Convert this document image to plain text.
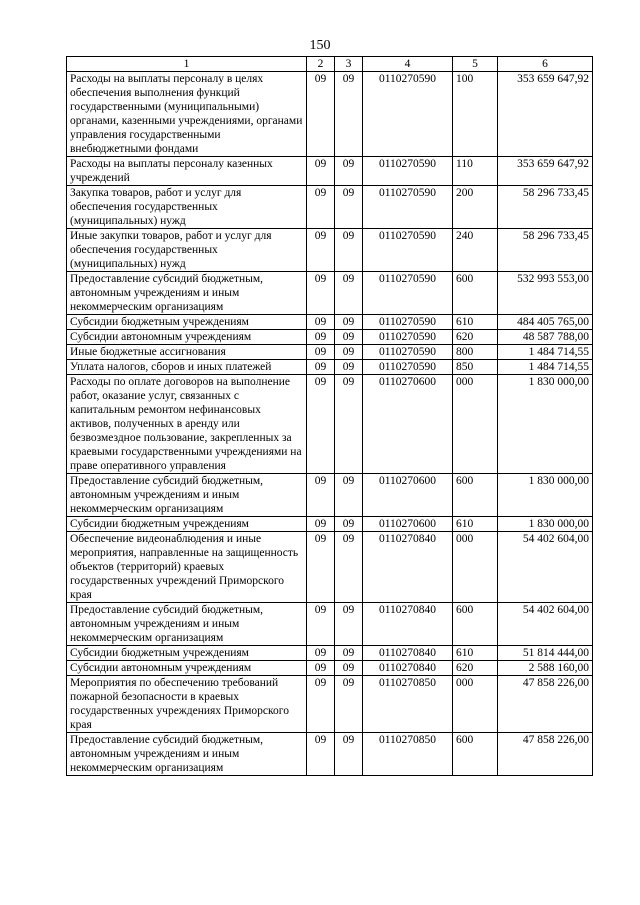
150
1	2	3	4	5	6
Расходы на выплаты персоналу в целях обеспечения выполнения функций государственными (муниципальными) органами, казенными учреждениями, органами управления государственными внебюджетными фондами	09	09	0110270590	100	353 659 647,92
Расходы на выплаты персоналу казенных учреждений	09	09	0110270590	110	353 659 647,92
Закупка товаров, работ и услуг для обеспечения государственных (муниципальных) нужд	09	09	0110270590	200	58 296 733,45
Иные закупки товаров, работ и услуг для обеспечения государственных (муниципальных) нужд	09	09	0110270590	240	58 296 733,45
Предоставление субсидий бюджетным, автономным учреждениям и иным некоммерческим организациям	09	09	0110270590	600	532 993 553,00
Субсидии бюджетным учреждениям	09	09	0110270590	610	484 405 765,00
Субсидии автономным учреждениям	09	09	0110270590	620	48 587 788,00
Иные бюджетные ассигнования	09	09	0110270590	800	1 484 714,55
Уплата налогов, сборов и иных платежей	09	09	0110270590	850	1 484 714,55
Расходы по оплате договоров на выполнение работ, оказание услуг, связанных с капитальным ремонтом нефинансовых активов, полученных в аренду или безвозмездное пользование, закрепленных за краевыми государственными учреждениями на праве оперативного управления	09	09	0110270600	000	1 830 000,00
Предоставление субсидий бюджетным, автономным учреждениям и иным некоммерческим организациям	09	09	0110270600	600	1 830 000,00
Субсидии бюджетным учреждениям	09	09	0110270600	610	1 830 000,00
Обеспечение видеонаблюдения и иные мероприятия, направленные на защищенность объектов (территорий) краевых государственных учреждений Приморского края	09	09	0110270840	000	54 402 604,00
Предоставление субсидий бюджетным, автономным учреждениям и иным некоммерческим организациям	09	09	0110270840	600	54 402 604,00
Субсидии бюджетным учреждениям	09	09	0110270840	610	51 814 444,00
Субсидии автономным учреждениям	09	09	0110270840	620	2 588 160,00
Мероприятия по обеспечению требований пожарной безопасности в краевых государственных учреждениях Приморского края	09	09	0110270850	000	47 858 226,00
Предоставление субсидий бюджетным, автономным учреждениям и иным некоммерческим организациям	09	09	0110270850	600	47 858 226,00
